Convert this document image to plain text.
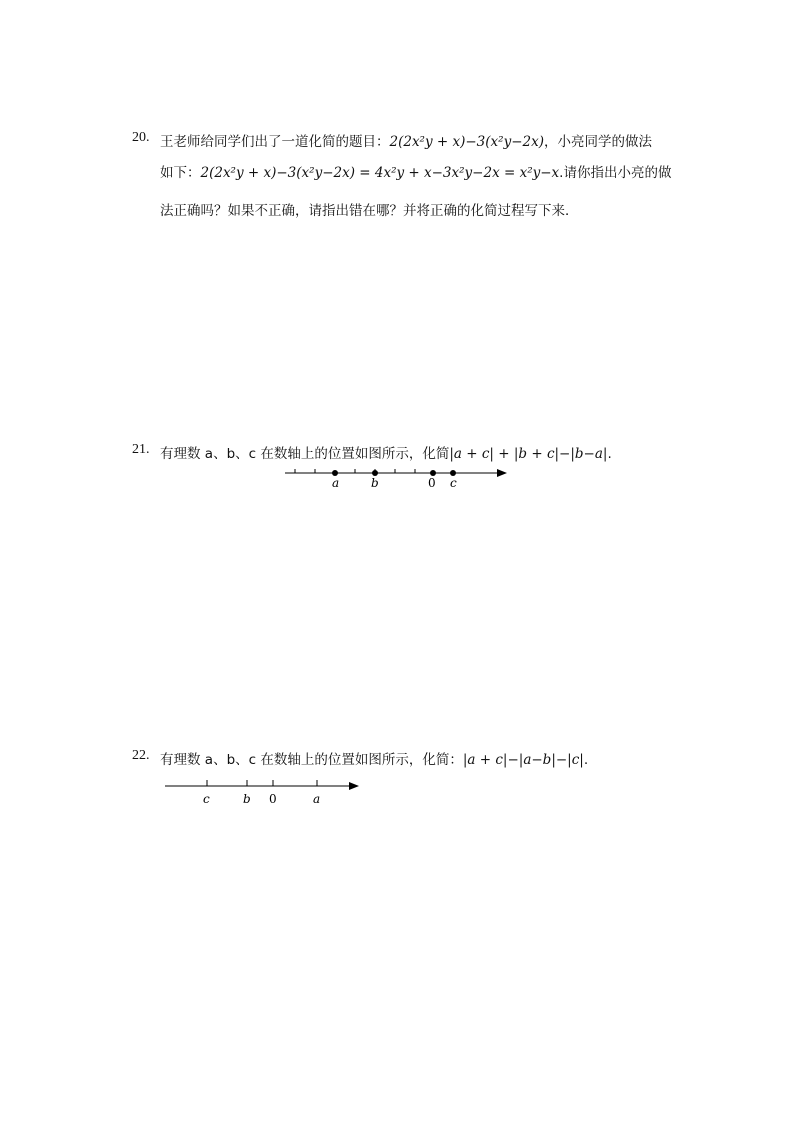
20. 王老师给同学们出了一道化简的题目：2(2x²y + x)−3(x²y−2x)，小亮同学的做法
如下：2(2x²y + x)−3(x²y−2x) = 4x²y + x−3x²y−2x = x²y−x.请你指出小亮的做
法正确吗？如果不正确，请指出错在哪？并将正确的化简过程写下来．
21. 有理数 a、b、c 在数轴上的位置如图所示，化简|a + c| + |b + c|−|b−a|.
a	b	0 c
22. 有理数 a、b、c 在数轴上的位置如图所示，化简：|a + c|−|a−b|−|c|.
c	b 0	a
